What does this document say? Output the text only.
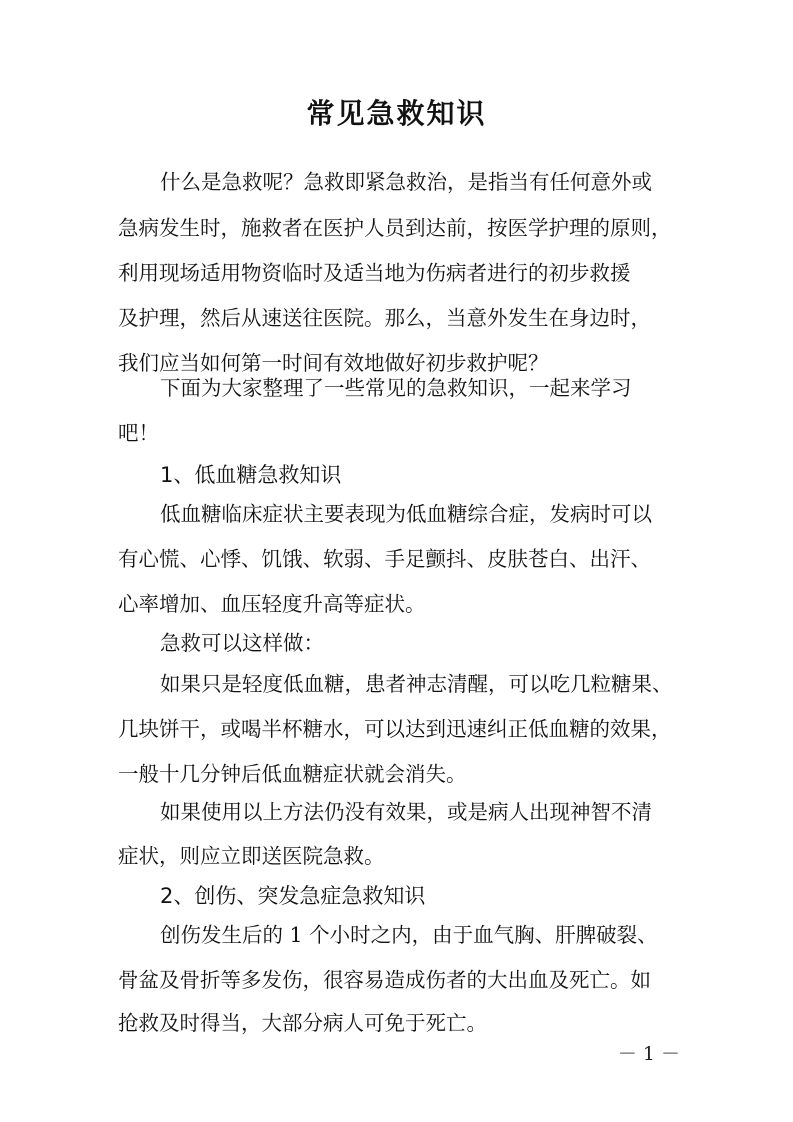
常见急救知识
什么是急救呢？急救即紧急救治，是指当有任何意外或
急病发生时，施救者在医护人员到达前，按医学护理的原则，
利用现场适用物资临时及适当地为伤病者进行的初步救援
及护理，然后从速送往医院。那么，当意外发生在身边时，
我们应当如何第一时间有效地做好初步救护呢？
下面为大家整理了一些常见的急救知识，一起来学习
吧！
1、低血糖急救知识
低血糖临床症状主要表现为低血糖综合症，发病时可以
有心慌、心悸、饥饿、软弱、手足颤抖、皮肤苍白、出汗、
心率增加、血压轻度升高等症状。
急救可以这样做：
如果只是轻度低血糖，患者神志清醒，可以吃几粒糖果、
几块饼干，或喝半杯糖水，可以达到迅速纠正低血糖的效果，
一般十几分钟后低血糖症状就会消失。
如果使用以上方法仍没有效果，或是病人出现神智不清
症状，则应立即送医院急救。
2、创伤、突发急症急救知识
创伤发生后的 1 个小时之内，由于血气胸、肝脾破裂、
骨盆及骨折等多发伤，很容易造成伤者的大出血及死亡。如
抢救及时得当，大部分病人可免于死亡。
－ 1 －
